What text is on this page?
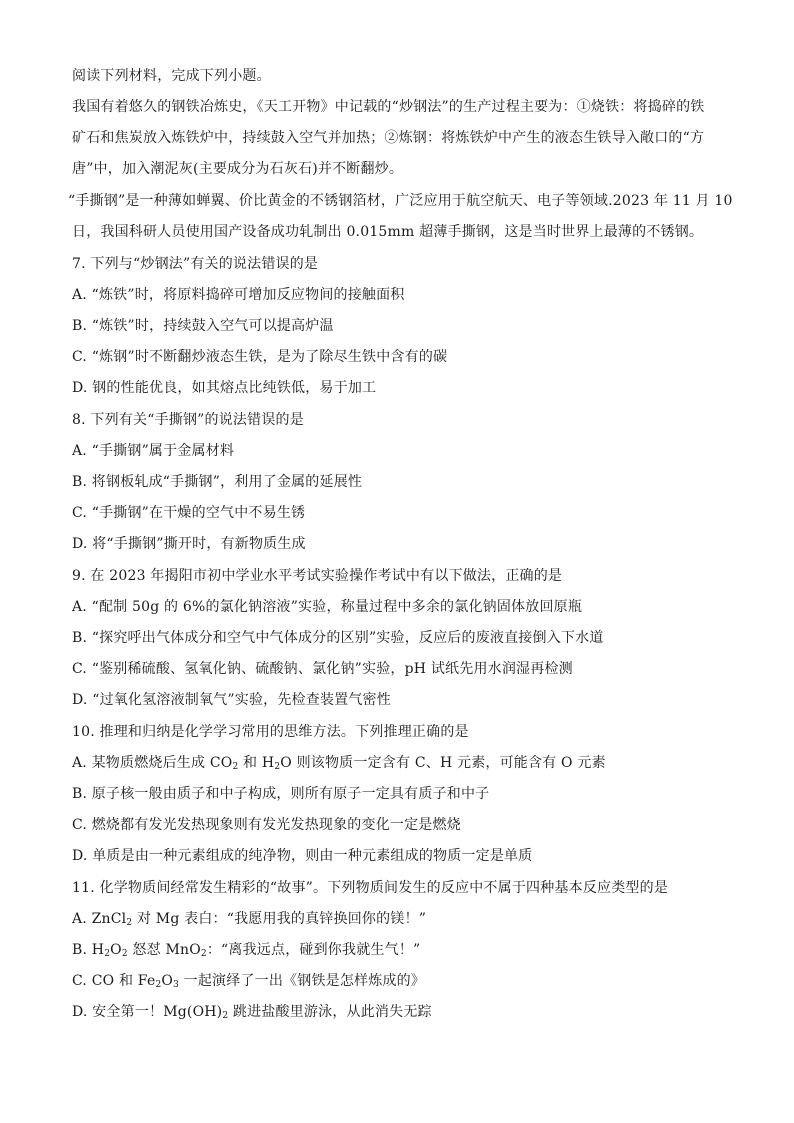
阅读下列材料，完成下列小题。
我国有着悠久的钢铁冶炼史，《天工开物》中记载的“炒钢法”的生产过程主要为：①烧铁：将捣碎的铁
矿石和焦炭放入炼铁炉中，持续鼓入空气并加热；②炼钢：将炼铁炉中产生的液态生铁导入敞口的“方
唐”中，加入潮泥灰(主要成分为石灰石)并不断翻炒。
“手撕钢”是一种薄如蝉翼、价比黄金的不锈钢箔材，广泛应用于航空航天、电子等领域.2023 年 11 月 10
日，我国科研人员使用国产设备成功轧制出 0.015mm 超薄手撕钢，这是当时世界上最薄的不锈钢。
7. 下列与“炒钢法”有关的说法错误的是
A. “炼铁”时，将原料捣碎可增加反应物间的接触面积
B. “炼铁”时，持续鼓入空气可以提高炉温
C. “炼钢”时不断翻炒液态生铁，是为了除尽生铁中含有的碳
D. 钢的性能优良，如其熔点比纯铁低，易于加工
8. 下列有关“手撕钢”的说法错误的是
A. “手撕钢”属于金属材料
B. 将钢板轧成“手撕钢”，利用了金属的延展性
C. “手撕钢”在干燥的空气中不易生锈
D. 将“手撕钢”撕开时，有新物质生成
9. 在 2023 年揭阳市初中学业水平考试实验操作考试中有以下做法，正确的是
A. “配制 50g 的 6%的氯化钠溶液”实验，称量过程中多余的氯化钠固体放回原瓶
B. “探究呼出气体成分和空气中气体成分的区别”实验，反应后的废液直接倒入下水道
C. “鉴别稀硫酸、氢氧化钠、硫酸钠、氯化钠”实验，pH 试纸先用水润湿再检测
D. “过氧化氢溶液制氧气”实验，先检查装置气密性
10. 推理和归纳是化学学习常用的思维方法。下列推理正确的是
A. 某物质燃烧后生成 $CO_2$ 和 $H_2O$ 则该物质一定含有 C、H 元素，可能含有 O 元素
B. 原子核一般由质子和中子构成，则所有原子一定具有质子和中子
C. 燃烧都有发光发热现象则有发光发热现象的变化一定是燃烧
D. 单质是由一种元素组成的纯净物，则由一种元素组成的物质一定是单质
11. 化学物质间经常发生精彩的“故事”。下列物质间发生的反应中不属于四种基本反应类型的是
A. ZnCl$_2$ 对 Mg 表白：“我愿用我的真锌换回你的镁！”
B. $H_2O_2$ 怒怼 MnO$_2$：“离我远点，碰到你我就生气！”
C. CO 和 $Fe_2O_3$ 一起演绎了一出《钢铁是怎样炼成的》
D. 安全第一！$Mg(OH)_2$ 跳进盐酸里游泳，从此消失无踪
